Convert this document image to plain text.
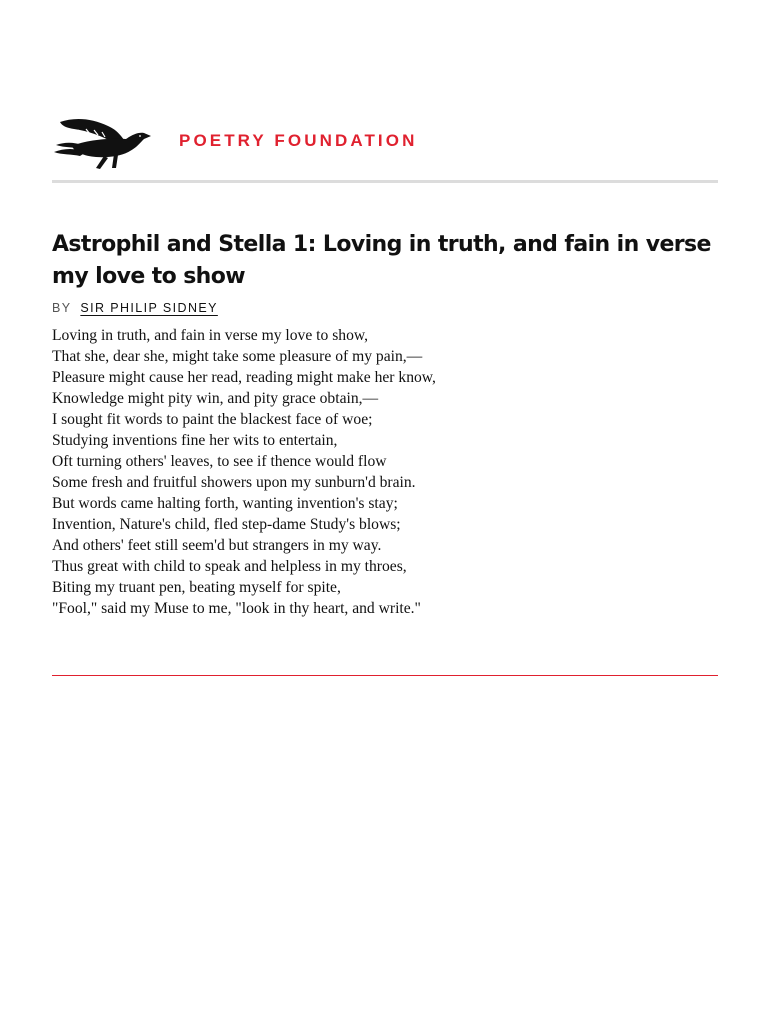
POETRY FOUNDATION
Astrophil and Stella 1: Loving in truth, and fain in verse my love to show
BY SIR PHILIP SIDNEY
Loving in truth, and fain in verse my love to show,
That she, dear she, might take some pleasure of my pain,—
Pleasure might cause her read, reading might make her know,
Knowledge might pity win, and pity grace obtain,—
I sought fit words to paint the blackest face of woe;
Studying inventions fine her wits to entertain,
Oft turning others' leaves, to see if thence would flow
Some fresh and fruitful showers upon my sunburn'd brain.
But words came halting forth, wanting invention's stay;
Invention, Nature's child, fled step-dame Study's blows;
And others' feet still seem'd but strangers in my way.
Thus great with child to speak and helpless in my throes,
Biting my truant pen, beating myself for spite,
"Fool," said my Muse to me, "look in thy heart, and write."
